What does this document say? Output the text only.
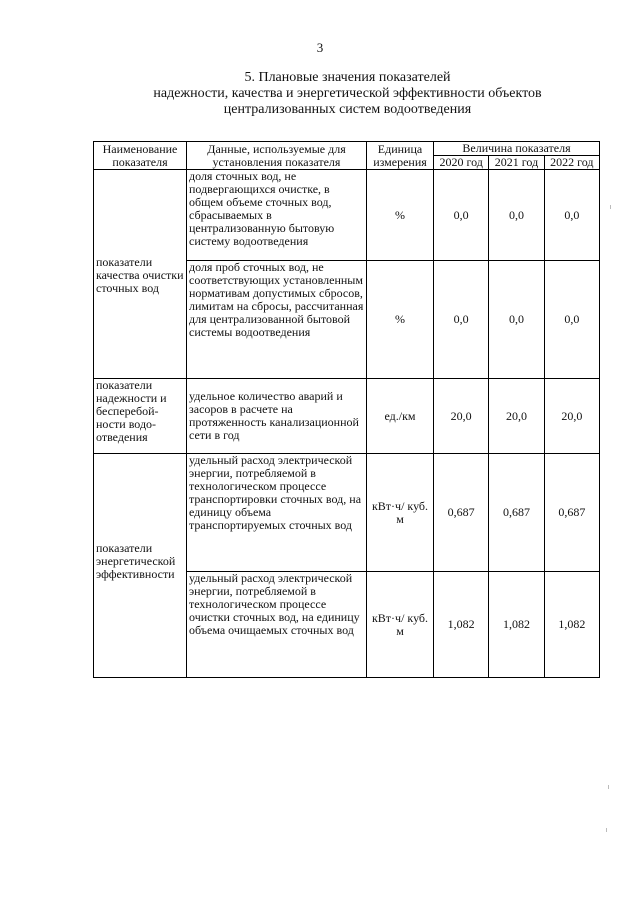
3
5. Плановые значения показателей
надежности, качества и энергетической эффективности объектов
централизованных систем водоотведения
Наименование показателя	Данные, используемые для установления показателя	Единица измерения	Величина показателя		
			2020 год	2021 год	2022 год
показатели качества очистки сточных вод	доля сточных вод, не подвергающихся очистке, в общем объеме сточных вод, сбрасываемых в централизованную бытовую систему водоотведения	%	0,0	0,0	0,0
	доля проб сточных вод, не соответствующих установленным нормативам допустимых сбросов, лимитам на сбросы, рассчитанная для централизованной бытовой системы водоотведения	%	0,0	0,0	0,0
показатели надежности и бесперебой- ности водо- отведения	удельное количество аварий и засоров в расчете на протяженность канализационной сети в год	ед./км	20,0	20,0	20,0
показатели энергетической эффективности	удельный расход электрической энергии, потребляемой в технологическом процессе транспортировки сточных вод, на единицу объема транспортируемых сточных вод	кВт·ч/ куб. м	0,687	0,687	0,687
	удельный расход электрической энергии, потребляемой в технологическом процессе очистки сточных вод, на единицу объема очищаемых сточных вод	кВт·ч/ куб. м	1,082	1,082	1,082
